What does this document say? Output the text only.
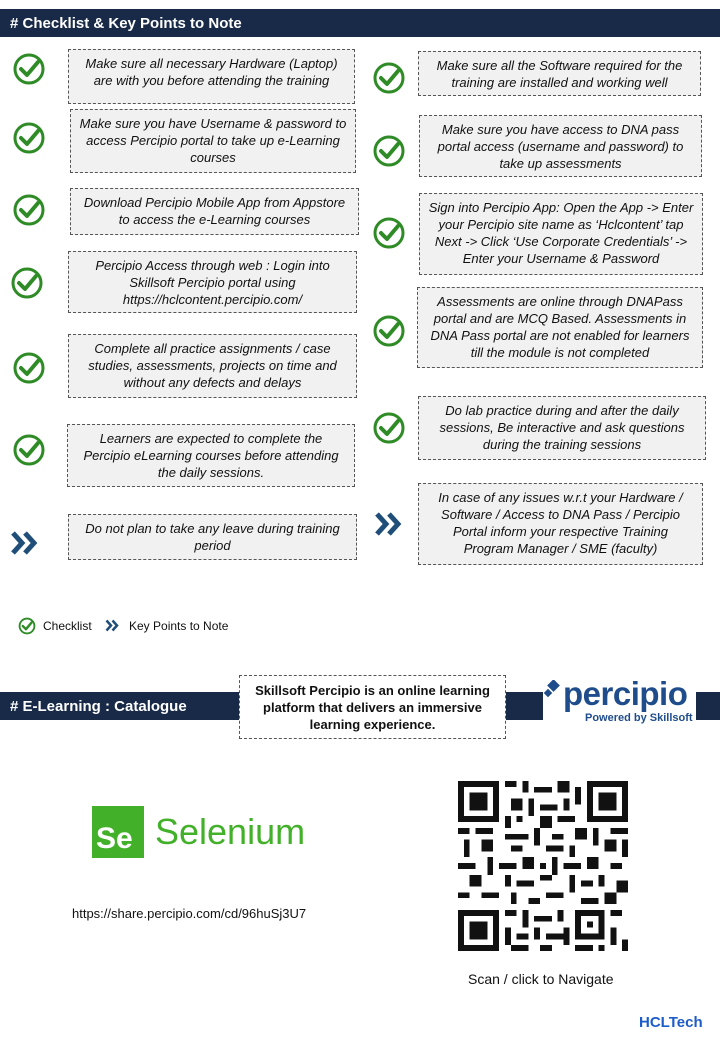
# Checklist & Key Points to Note
Make sure all necessary Hardware (Laptop) are with you before attending the training
Make sure you have Username & password to access Percipio portal to take up e-Learning courses
Download Percipio Mobile App from Appstore to access the e-Learning courses
Percipio Access through web : Login into Skillsoft Percipio portal using https://hclcontent.percipio.com/
Complete all practice assignments / case studies, assessments, projects on time and without any defects and delays
Learners are expected to complete the Percipio eLearning courses before attending the daily sessions.
Do not plan to take any leave during training period
Make sure all the Software required for the training are installed and working well
Make sure you have access to DNA pass portal access (username and password) to take up assessments
Sign into Percipio App: Open the App -> Enter your Percipio site name as ‘Hclcontent’ tap Next -> Click ‘Use Corporate Credentials’ -> Enter your Username & Password
Assessments are online through DNAPass portal and are MCQ Based. Assessments in DNA Pass portal are not enabled for learners till the module is not completed
Do lab practice during and after the daily sessions, Be interactive and ask questions during the training sessions
In case of any issues w.r.t your Hardware / Software / Access to DNA Pass / Percipio Portal inform your respective Training Program Manager / SME (faculty)
Checklist	Key Points to Note
# E-Learning : Catalogue
Skillsoft Percipio is an online learning platform that delivers an immersive learning experience.
percipio
Powered by Skillsoft
Se Selenium
https://share.percipio.com/cd/96huSj3U7
Scan / click to Navigate
HCLTech
